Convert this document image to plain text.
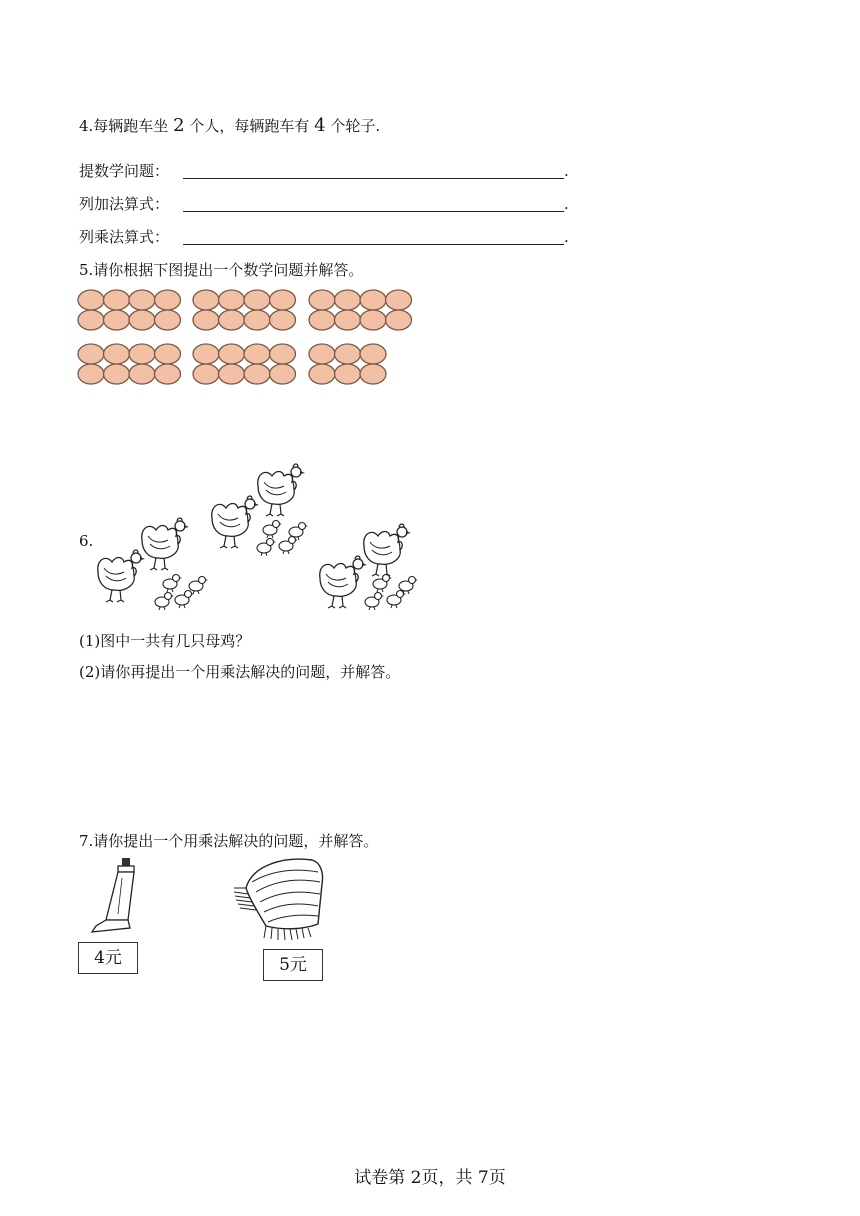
4.每辆跑车坐 2 个人，每辆跑车有 4 个轮子.
提数学问题：	.
列加法算式：	.
列乘法算式：	.
5.请你根据下图提出一个数学问题并解答。
6.
(1)图中一共有几只母鸡？
(2)请你再提出一个用乘法解决的问题，并解答。
7.请你提出一个用乘法解决的问题，并解答。
4元	5元
试卷第 2页，共 7页
